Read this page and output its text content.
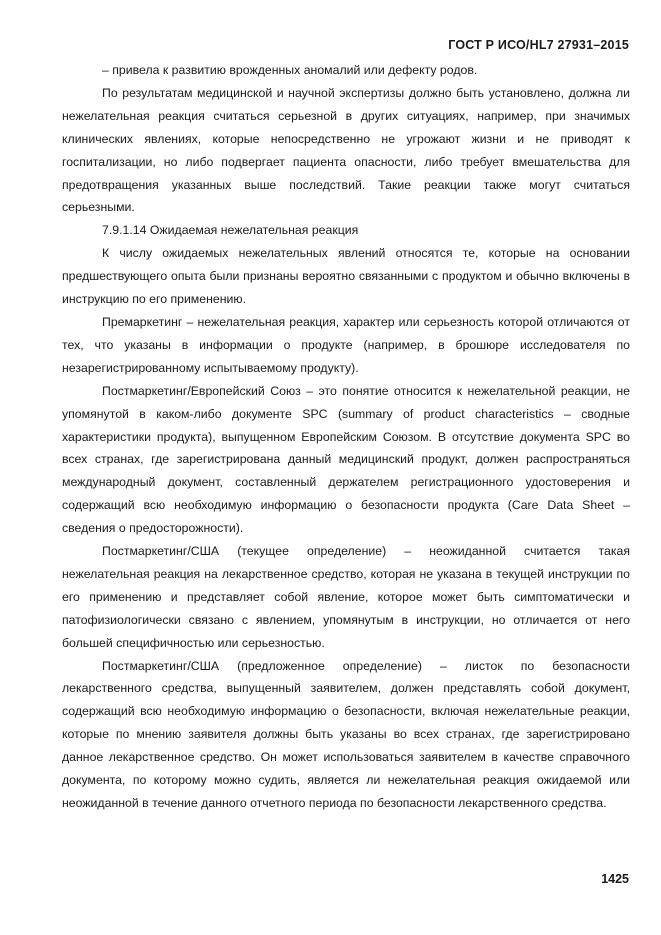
ГОСТ Р ИСО/HL7 27931–2015

– привела к развитию врожденных аномалий или дефекту родов.

По результатам медицинской и научной экспертизы должно быть установлено, должна ли нежелательная реакция считаться серьезной в других ситуациях, например, при значимых клинических явлениях, которые непосредственно не угрожают жизни и не приводят к госпитализации, но либо подвергает пациента опасности, либо требует вмешательства для предотвращения указанных выше последствий. Такие реакции также могут считаться серьезными.

7.9.1.14 Ожидаемая нежелательная реакция

К числу ожидаемых нежелательных явлений относятся те, которые на основании предшествующего опыта были признаны вероятно связанными с продуктом и обычно включены в инструкцию по его применению.

Премаркетинг – нежелательная реакция, характер или серьезность которой отличаются от тех, что указаны в информации о продукте (например, в брошюре исследователя по незарегистрированному испытываемому продукту).

Постмаркетинг/Европейский Союз – это понятие относится к нежелательной реакции, не упомянутой в каком-либо документе SPC (summary of product characteristics – сводные характеристики продукта), выпущенном Европейским Союзом. В отсутствие документа SPC во всех странах, где зарегистрирована данный медицинский продукт, должен распространяться международный документ, составленный держателем регистрационного удостоверения и содержащий всю необходимую информацию о безопасности продукта (Care Data Sheet – сведения о предосторожности).

Постмаркетинг/США (текущее определение) – неожиданной считается такая нежелательная реакция на лекарственное средство, которая не указана в текущей инструкции по его применению и представляет собой явление, которое может быть симптоматически и патофизиологически связано с явлением, упомянутым в инструкции, но отличается от него большей специфичностью или серьезностью.

Постмаркетинг/США (предложенное определение) – листок по безопасности лекарственного средства, выпущенный заявителем, должен представлять собой документ, содержащий всю необходимую информацию о безопасности, включая нежелательные реакции, которые по мнению заявителя должны быть указаны во всех странах, где зарегистрировано данное лекарственное средство. Он может использоваться заявителем в качестве справочного документа, по которому можно судить, является ли нежелательная реакция ожидаемой или неожиданной в течение данного отчетного периода по безопасности лекарственного средства.

1425
